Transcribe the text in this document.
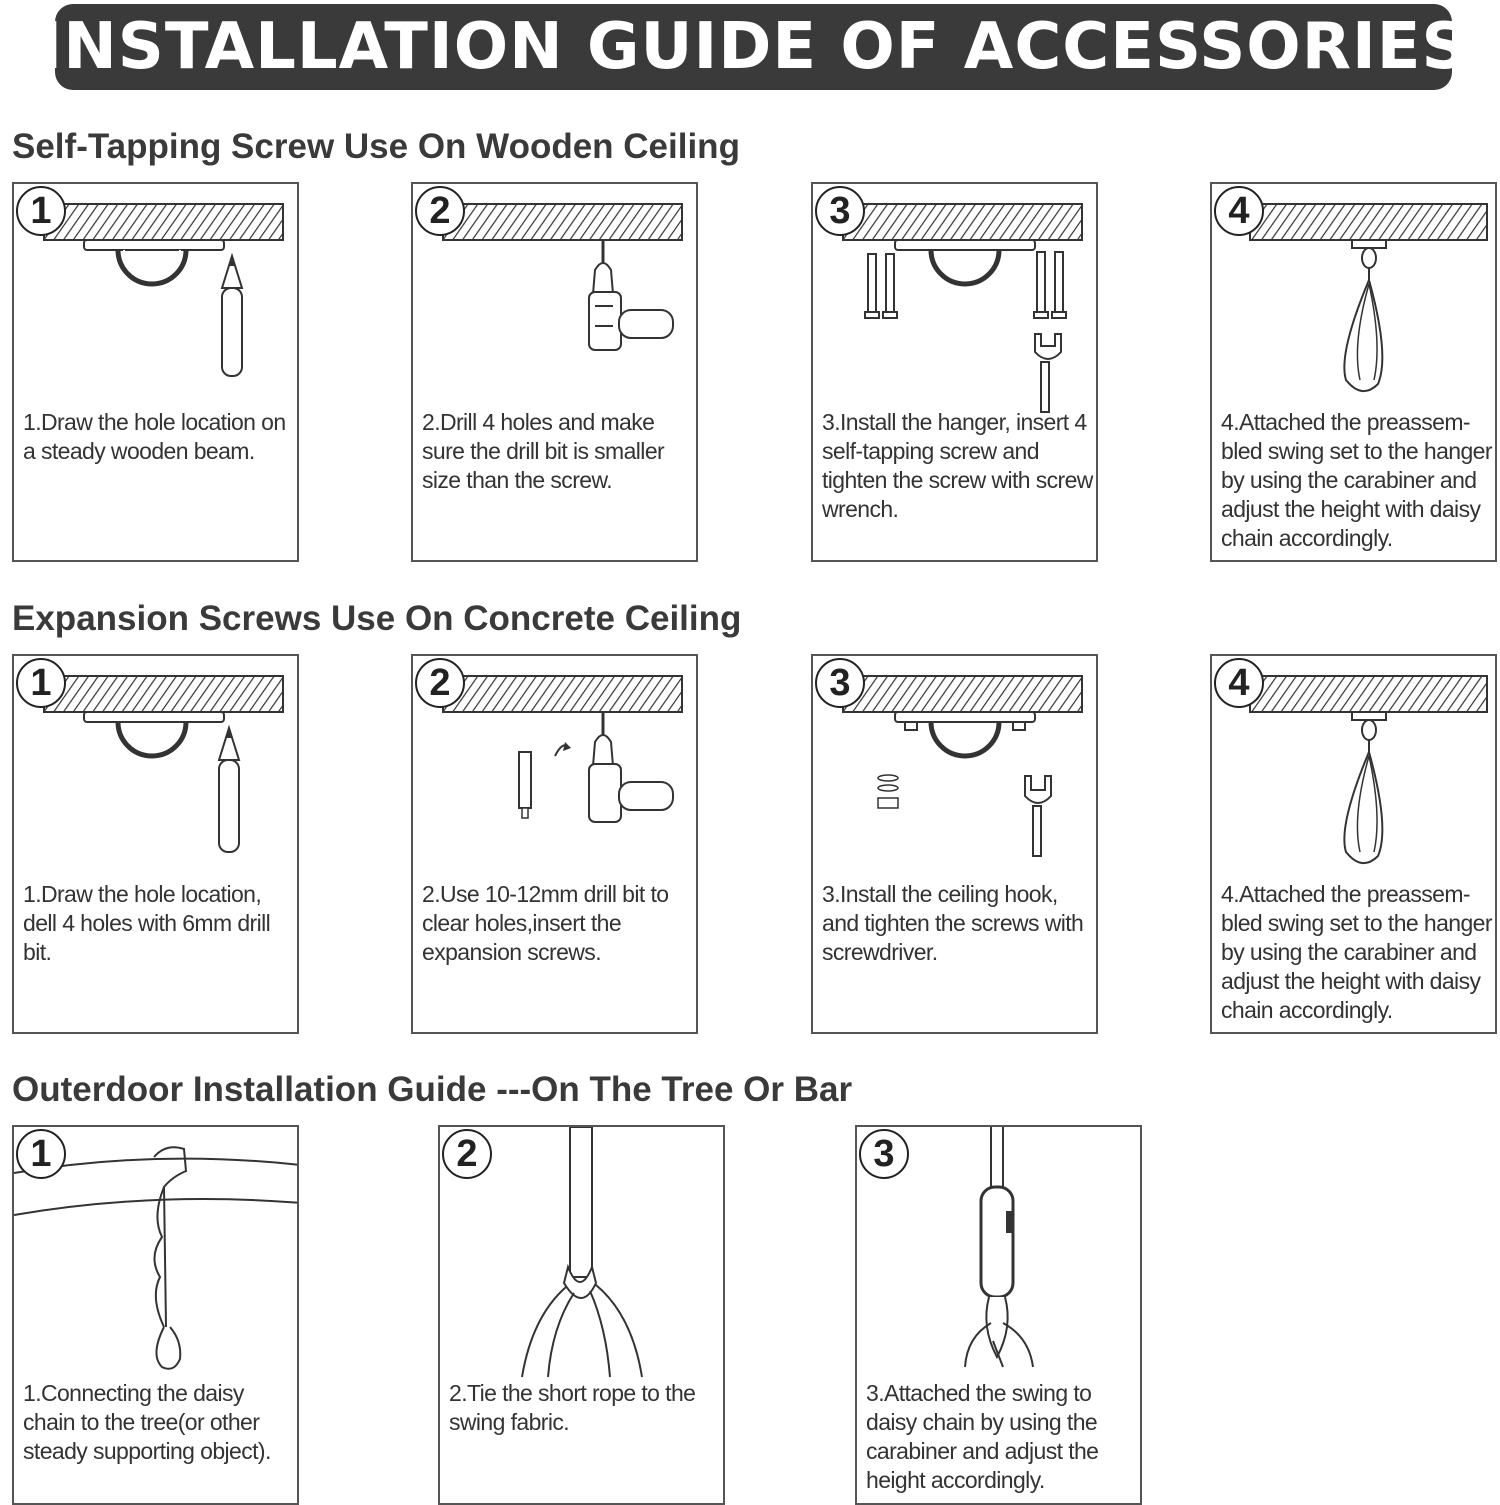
INSTALLATION GUIDE OF ACCESSORIES
Self-Tapping Screw Use On Wooden Ceiling
1
1.Draw the hole location on a steady wooden beam.
2
2.Drill 4 holes and make sure the drill bit is smaller size than the screw.
3
3.Install the hanger, insert 4 self-tapping screw and tighten the screw with screw wrench.
4
4.Attached the preassem-bled swing set to the hanger by using the carabiner and adjust the height with daisy chain accordingly.
Expansion Screws Use On Concrete Ceiling
1
1.Draw the hole location, dell 4 holes with 6mm drill bit.
2
2.Use 10-12mm drill bit to clear holes,insert the expansion screws.
3
3.Install the ceiling hook, and tighten the screws with screwdriver.
4
4.Attached the preassem-bled swing set to the hanger by using the carabiner and adjust the height with daisy chain accordingly.
Outerdoor Installation Guide ---On The Tree Or Bar
1
1.Connecting the daisy chain to the tree(or other steady supporting object).
2
2.Tie the short rope to the swing fabric.
3
3.Attached the swing to daisy chain by using the carabiner and adjust the height accordingly.
